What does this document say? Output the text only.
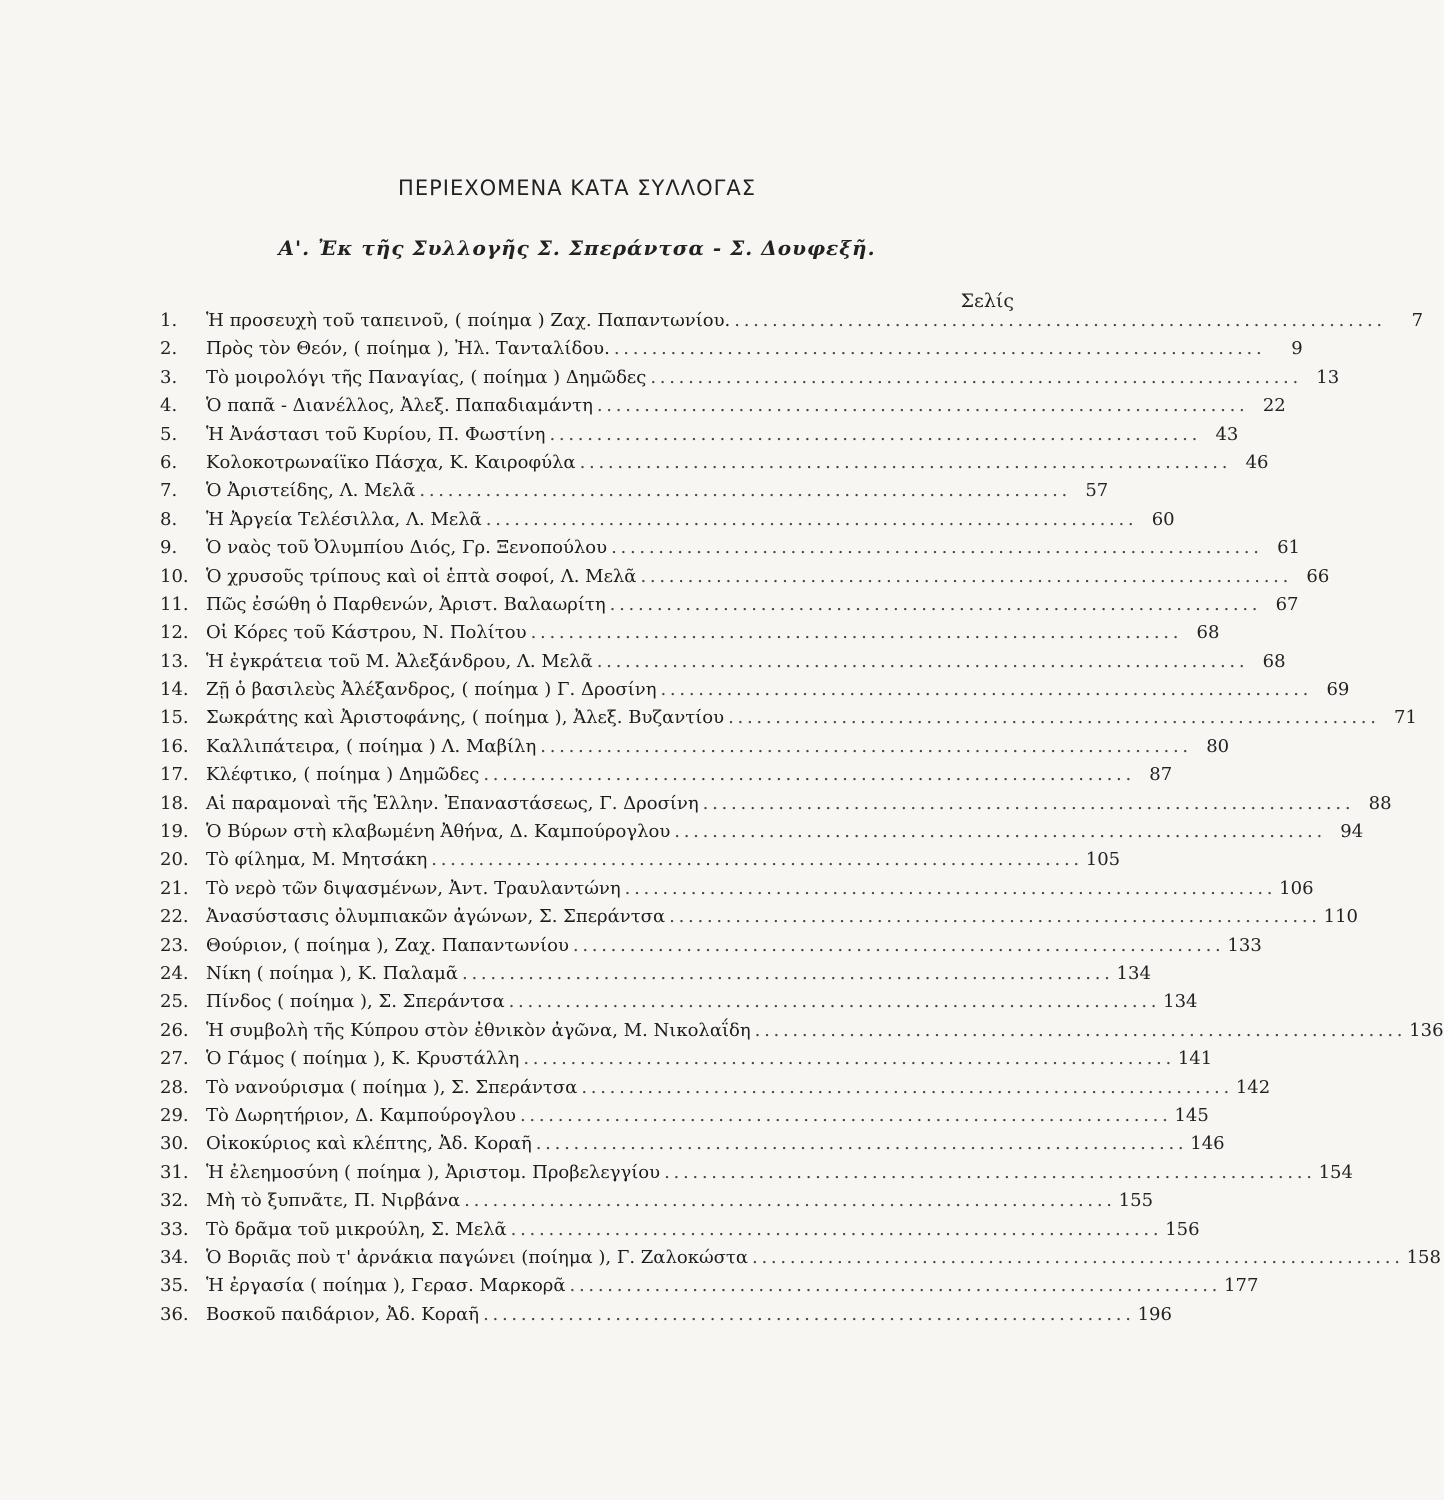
ΠΕΡΙΕΧΟΜΕΝΑ ΚΑΤΑ ΣΥΛΛΟΓΑΣ
Α'. Ἐκ τῆς Συλλογῆς Σ. Σπεράντσα - Σ. Δουφεξῆ.
Σελίς
1.	Ἡ προσευχὴ τοῦ ταπεινοῦ, ( ποίημα ) Ζαχ. Παπαντωνίου. . . .	7
2.	Πρὸς τὸν Θεόν, ( ποίημα ), Ἠλ. Τανταλίδου. . . .	9
3.	Τὸ μοιρολόγι τῆς Παναγίας, ( ποίημα ) Δημῶδες . . .	13
4.	Ὁ παπᾶ - Διανέλλος, Ἀλεξ. Παπαδιαμάντη . . .	22
5.	Ἡ Ἀνάστασι τοῦ Κυρίου, Π. Φωστίνη . . .	43
6.	Κολοκοτρωναίϊκο Πάσχα, Κ. Καιροφύλα . . .	46
7.	Ὁ Ἀριστείδης, Λ. Μελᾶ . . .	57
8.	Ἡ Ἀργεία Τελέσιλλα, Λ. Μελᾶ . . .	60
9.	Ὁ ναὸς τοῦ Ὀλυμπίου Διός, Γρ. Ξενοπούλου . . .	61
10. Ὁ χρυσοῦς τρίπους καὶ οἱ ἑπτὰ σοφοί, Λ. Μελᾶ . . .	66
11. Πῶς ἐσώθη ὁ Παρθενών, Ἀριστ. Βαλαωρίτη . . .	67
12. Οἱ Κόρες τοῦ Κάστρου, Ν. Πολίτου . . .	68
13. Ἡ ἐγκράτεια τοῦ Μ. Ἀλεξάνδρου, Λ. Μελᾶ . . .	68
14. Ζῇ ὁ βασιλεὺς Ἀλέξανδρος, ( ποίημα ) Γ. Δροσίνη . . .	69
15. Σωκράτης καὶ Ἀριστοφάνης, ( ποίημα ), Ἀλεξ. Βυζαντίου . . .	71
16. Καλλιπάτειρα, ( ποίημα ) Λ. Μαβίλη . . .	80
17. Κλέφτικο, ( ποίημα ) Δημῶδες . . .	87
18. Αἱ παραμοναὶ τῆς Ἑλλην. Ἐπαναστάσεως, Γ. Δροσίνη . . .	88
19. Ὁ Βύρων στὴ κλαβωμένη Ἀθήνα, Δ. Καμπούρογλου . . .	94
20. Τὸ φίλημα, Μ. Μητσάκη . . .	105
21. Τὸ νερὸ τῶν διψασμένων, Ἀντ. Τραυλαντώνη . . .	106
22. Ἀνασύστασις ὀλυμπιακῶν ἀγώνων, Σ. Σπεράντσα . . .	110
23. Θούριον, ( ποίημα ), Ζαχ. Παπαντωνίου . . .	133
24. Νίκη ( ποίημα ), Κ. Παλαμᾶ . . .	134
25. Πίνδος ( ποίημα ), Σ. Σπεράντσα . . .	134
26. Ἡ συμβολὴ τῆς Κύπρου στὸν ἐθνικὸν ἀγῶνα, Μ. Νικολαΐδη . . .	136
27. Ὁ Γάμος ( ποίημα ), Κ. Κρυστάλλη . . .	141
28. Τὸ νανούρισμα ( ποίημα ), Σ. Σπεράντσα . . .	142
29. Τὸ Δωρητήριον, Δ. Καμπούρογλου . . .	145
30. Οἰκοκύριος καὶ κλέπτης, Ἀδ. Κοραῆ . . .	146
31. Ἡ ἐλεημοσύνη ( ποίημα ), Ἀριστομ. Προβελεγγίου . . .	154
32. Μὴ τὸ ξυπνᾶτε, Π. Νιρβάνα . . .	155
33. Τὸ δρᾶμα τοῦ μικρούλη, Σ. Μελᾶ . . .	156
34. Ὁ Βοριᾶς ποὺ τ' ἀρνάκια παγώνει (ποίημα ), Γ. Ζαλοκώστα . . .	158
35. Ἡ ἐργασία ( ποίημα ), Γερασ. Μαρκορᾶ . . .	177
36. Βοσκοῦ παιδάριον, Ἀδ. Κοραῆ . . .	196
